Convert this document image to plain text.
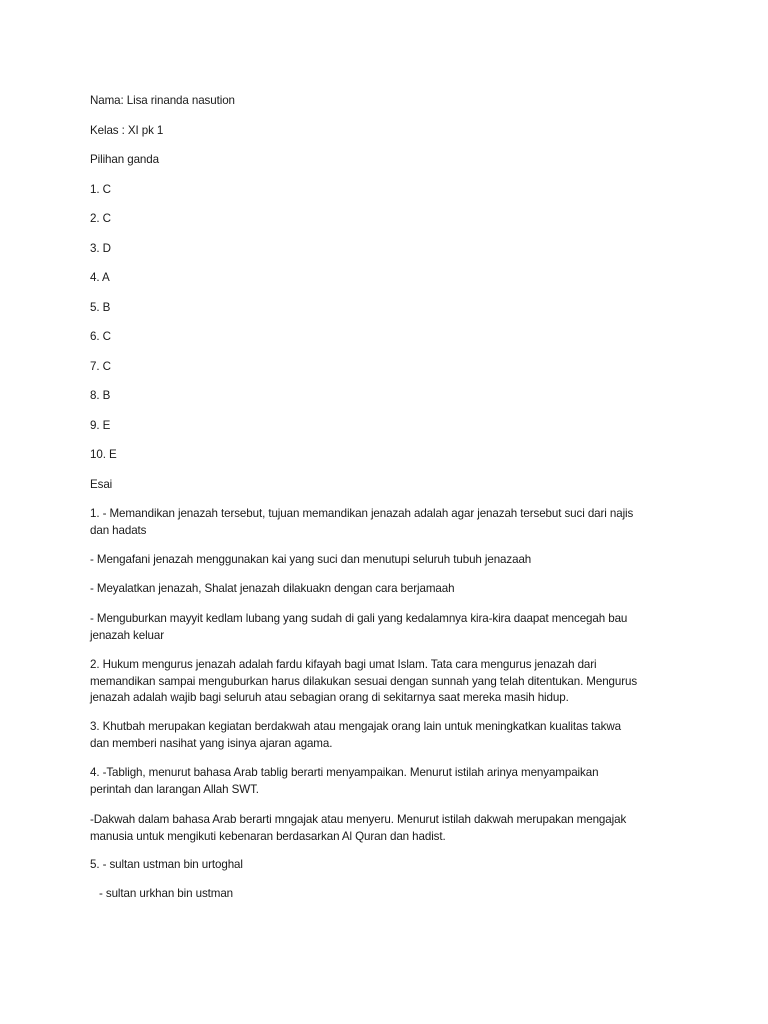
Nama: Lisa rinanda nasution
Kelas : XI pk 1
Pilihan ganda
1. C
2. C
3. D
4. A
5. B
6. C
7. C
8. B
9. E
10. E
Esai
1. - Memandikan jenazah tersebut, tujuan memandikan jenazah adalah agar jenazah tersebut suci dari najis
dan hadats
- Mengafani jenazah menggunakan kai yang suci dan menutupi seluruh tubuh jenazaah
- Meyalatkan jenazah, Shalat jenazah dilakuakn dengan cara berjamaah
- Menguburkan mayyit kedlam lubang yang sudah di gali yang kedalamnya kira-kira daapat mencegah bau
jenazah keluar
2. Hukum mengurus jenazah adalah fardu kifayah bagi umat Islam. Tata cara mengurus jenazah dari
memandikan sampai menguburkan harus dilakukan sesuai dengan sunnah yang telah ditentukan. Mengurus
jenazah adalah wajib bagi seluruh atau sebagian orang di sekitarnya saat mereka masih hidup.
3. Khutbah merupakan kegiatan berdakwah atau mengajak orang lain untuk meningkatkan kualitas takwa
dan memberi nasihat yang isinya ajaran agama.
4. -Tabligh, menurut bahasa Arab tablig berarti menyampaikan. Menurut istilah arinya menyampaikan
perintah dan larangan Allah SWT.
-Dakwah dalam bahasa Arab berarti mngajak atau menyeru. Menurut istilah dakwah merupakan mengajak
manusia untuk mengikuti kebenaran berdasarkan Al Quran dan hadist.
5. - sultan ustman bin urtoghal
- sultan urkhan bin ustman
